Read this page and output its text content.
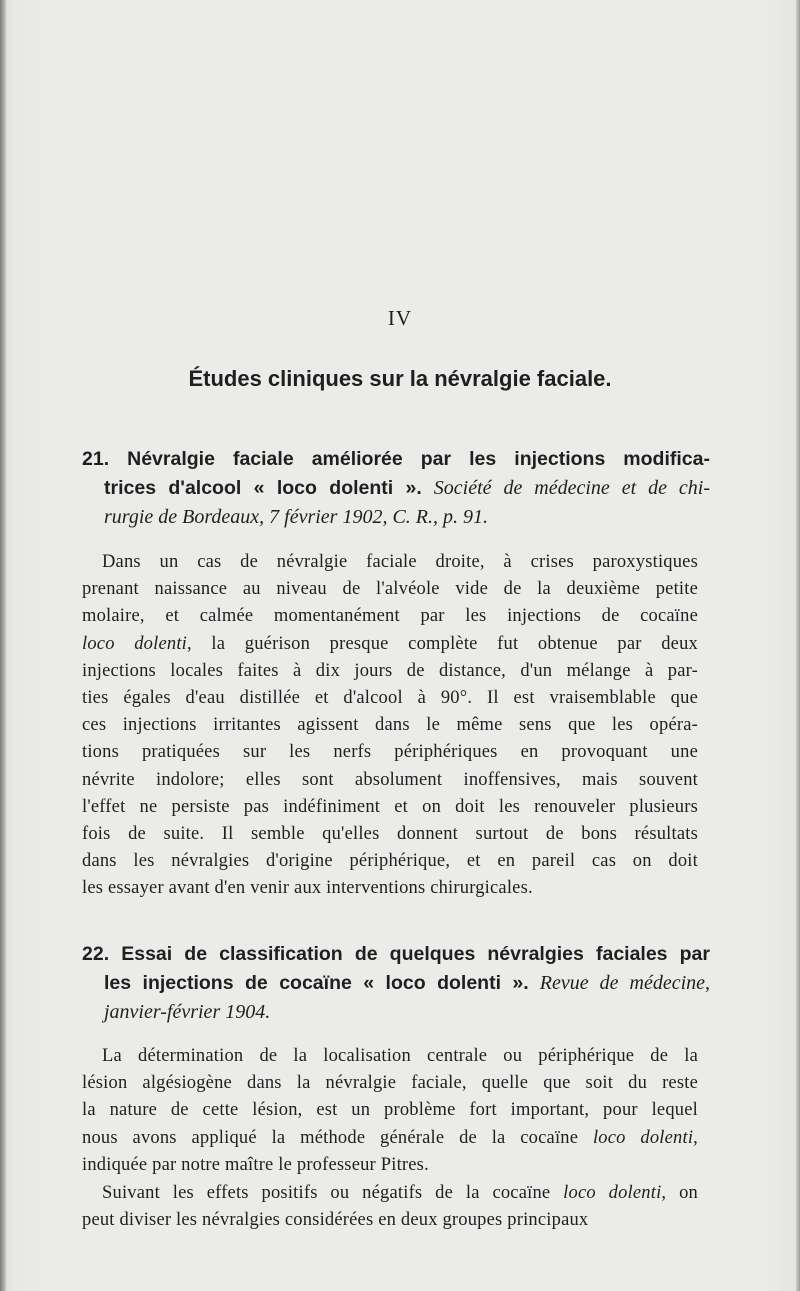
IV
Études cliniques sur la névralgie faciale.
21. Névralgie faciale améliorée par les injections modifica-
trices d'alcool « loco dolenti ». Société de médecine et de chi-
rurgie de Bordeaux, 7 février 1902, C. R., p. 91.
Dans un cas de névralgie faciale droite, à crises paroxystiques
prenant naissance au niveau de l'alvéole vide de la deuxième petite
molaire, et calmée momentanément par les injections de cocaïne
loco dolenti, la guérison presque complète fut obtenue par deux
injections locales faites à dix jours de distance, d'un mélange à par-
ties égales d'eau distillée et d'alcool à 90°. Il est vraisemblable que
ces injections irritantes agissent dans le même sens que les opéra-
tions pratiquées sur les nerfs périphériques en provoquant une
névrite indolore; elles sont absolument inoffensives, mais souvent
l'effet ne persiste pas indéfiniment et on doit les renouveler plusieurs
fois de suite. Il semble qu'elles donnent surtout de bons résultats
dans les névralgies d'origine périphérique, et en pareil cas on doit
les essayer avant d'en venir aux interventions chirurgicales.
22. Essai de classification de quelques névralgies faciales par
les injections de cocaïne « loco dolenti ». Revue de médecine,
janvier-février 1904.
La détermination de la localisation centrale ou périphérique de la
lésion algésiogène dans la névralgie faciale, quelle que soit du reste
la nature de cette lésion, est un problème fort important, pour lequel
nous avons appliqué la méthode générale de la cocaïne loco dolenti,
indiquée par notre maître le professeur Pitres.
Suivant les effets positifs ou négatifs de la cocaïne loco dolenti, on
peut diviser les névralgies considérées en deux groupes principaux
